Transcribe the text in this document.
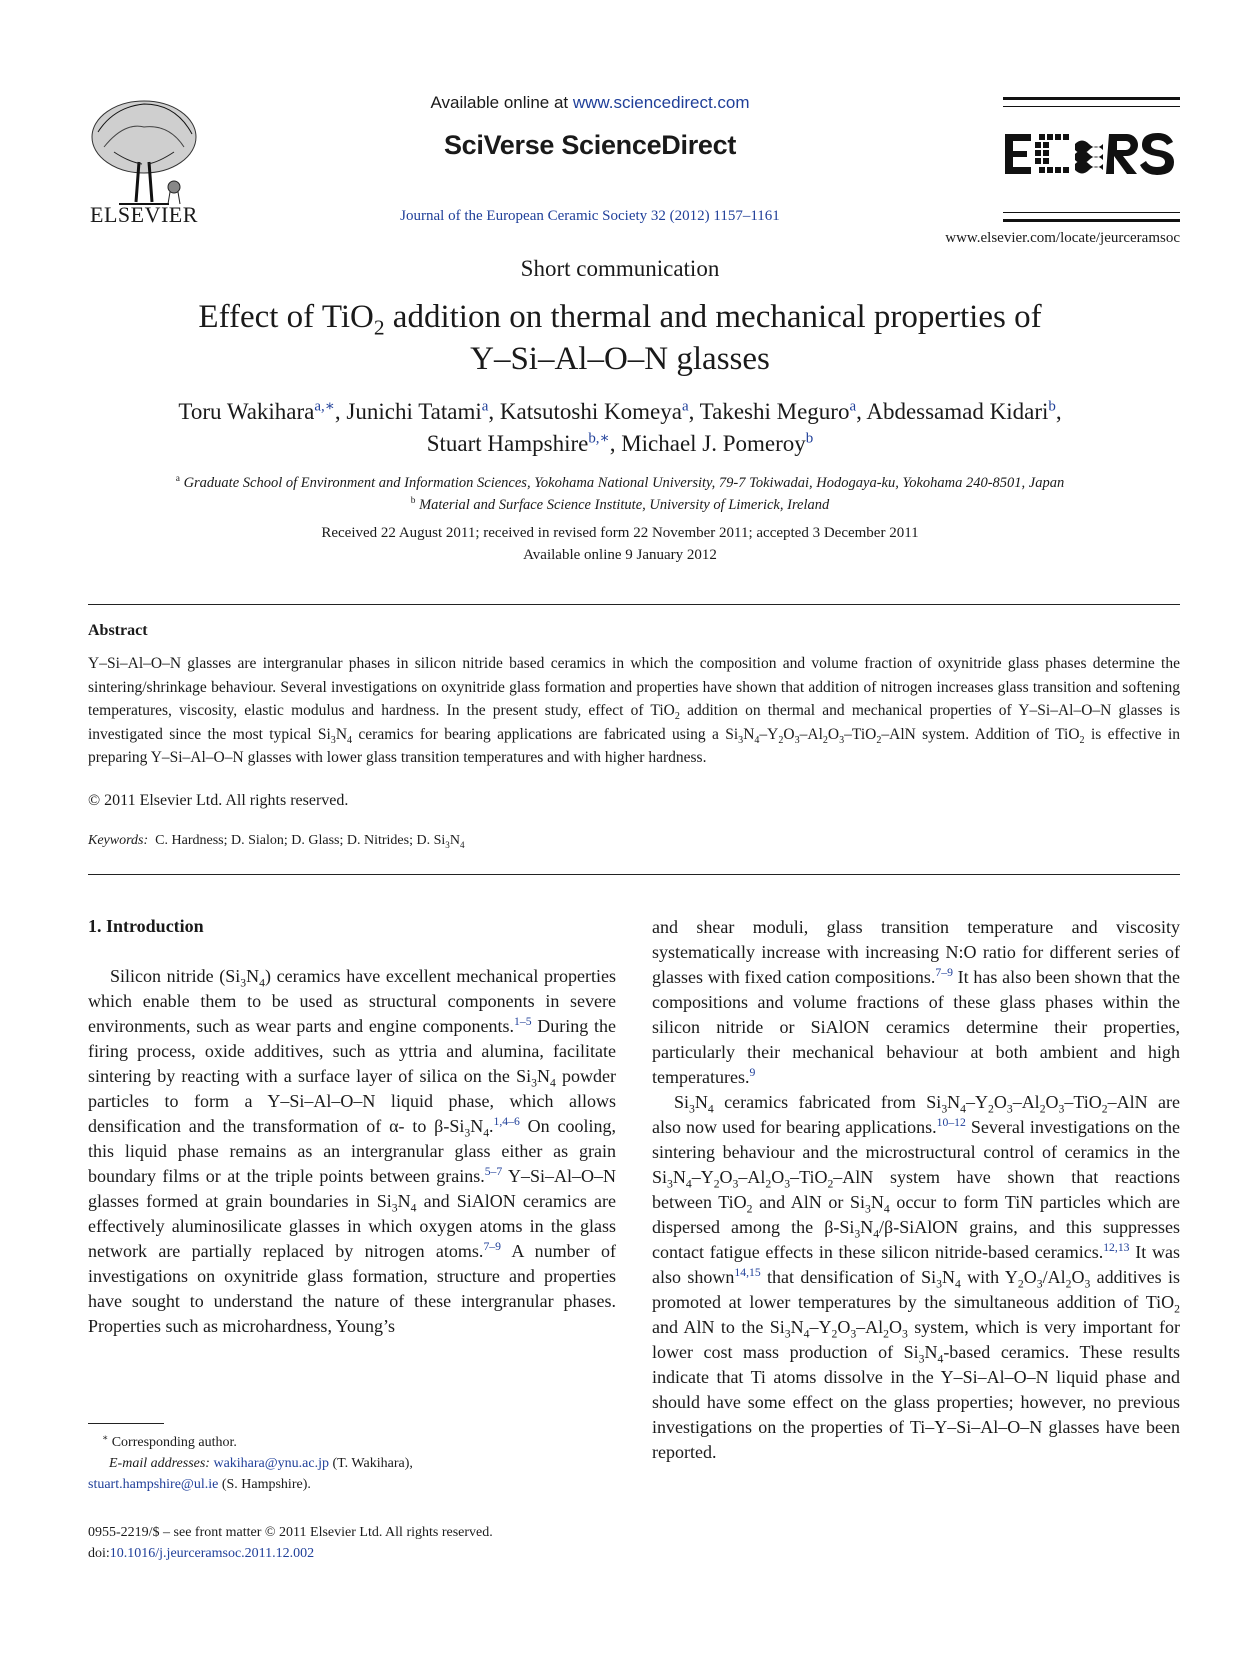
ELSEVIER
Available online at www.sciencedirect.com
SciVerse ScienceDirect
Journal of the European Ceramic Society 32 (2012) 1157–1161
www.elsevier.com/locate/jeurceramsoc
Short communication
Effect of TiO$_2$ addition on thermal and mechanical properties of
Y–Si–Al–O–N glasses
Toru Wakihara$^{a,∗}$, Junichi Tatami$^a$, Katsutoshi Komeya$^a$, Takeshi Meguro$^a$, Abdessamad Kidari$^b$,
Stuart Hampshire$^{b,∗}$, Michael J. Pomeroy$^b$
$^a$ Graduate School of Environment and Information Sciences, Yokohama National University, 79-7 Tokiwadai, Hodogaya-ku, Yokohama 240-8501, Japan
$^b$ Material and Surface Science Institute, University of Limerick, Ireland
Received 22 August 2011; received in revised form 22 November 2011; accepted 3 December 2011
Available online 9 January 2012
Abstract
Y–Si–Al–O–N glasses are intergranular phases in silicon nitride based ceramics in which the composition and volume fraction of oxynitride glass phases determine the sintering/shrinkage behaviour. Several investigations on oxynitride glass formation and properties have shown that addition of nitrogen increases glass transition and softening temperatures, viscosity, elastic modulus and hardness. In the present study, effect of TiO$_2$ addition on thermal and mechanical properties of Y–Si–Al–O–N glasses is investigated since the most typical $Si_3N_4$ ceramics for bearing applications are fabricated using a $Si_3N_4-Y_2O_3-Al_2O_3-TiO_2$–AlN system. Addition of TiO$_2$ is effective in preparing Y–Si–Al–O–N glasses with lower glass transition temperatures and with higher hardness.
© 2011 Elsevier Ltd. All rights reserved.
Keywords: C. Hardness; D. Sialon; D. Glass; D. Nitrides; D. $Si_3N_4$
1. Introduction

Silicon nitride $(Si_3N_4)$ ceramics have excellent mechanical properties which enable them to be used as structural components in severe environments, such as wear parts and engine components.$^{1-5}$ During the firing process, oxide additives, such as yttria and alumina, facilitate sintering by reacting with a surface layer of silica on the $Si_3N_4$ powder particles to form a Y–Si–Al–O–N liquid phase, which allows densification and the transformation of α- to $\beta-Si_3N_4.^{1,4-6}$ On cooling, this liquid phase remains as an intergranular glass either as grain boundary films or at the triple points between grains.$^{5-7}$ Y–Si–Al–O–N glasses formed at grain boundaries in $Si_3N_4$ and SiAlON ceramics are effectively aluminosilicate glasses in which oxygen atoms in the glass network are partially replaced by nitrogen atoms.$^{7-9}$ A number of investigations on oxynitride glass formation, structure and properties have sought to understand the nature of these intergranular phases. Properties such as microhardness, Young’s

and shear moduli, glass transition temperature and viscosity systematically increase with increasing N:O ratio for different series of glasses with fixed cation compositions.$^{7-9}$ It has also been shown that the compositions and volume fractions of these glass phases within the silicon nitride or SiAlON ceramics determine their properties, particularly their mechanical behaviour at both ambient and high temperatures.$^9$

$Si_3N_4$ ceramics fabricated from $Si_3N_4-Y_2O_3-Al_2O_3-TiO_2$–AlN are also now used for bearing applications.$^{10-12}$ Several investigations on the sintering behaviour and the microstructural control of ceramics in the $Si_3N_4-Y_2O_3-Al_2O_3-TiO_2$–AlN system have shown that reactions between TiO$_2$ and AlN or $Si_3N_4$ occur to form TiN particles which are dispersed among the $\beta-Si_3N_4/\beta$-SiAlON grains, and this suppresses contact fatigue effects in these silicon nitride-based ceramics.$^{12,13}$ It was also shown$^{14,15}$ that densification of $Si_3N_4$ with $Y_2O_3/Al_2O_3$ additives is promoted at lower temperatures by the simultaneous addition of TiO$_2$ and AlN to the $Si_3N_4-Y_2O_3-Al_2O_3$ system, which is very important for lower cost mass production of $Si_3N_4$-based ceramics. These results indicate that Ti atoms dissolve in the Y–Si–Al–O–N liquid phase and should have some effect on the glass properties; however, no previous investigations on the properties of Ti–Y–Si–Al–O–N glasses have been reported.

∗ Corresponding author.
E-mail addresses: wakihara@ynu.ac.jp (T. Wakihara),
stuart.hampshire@ul.ie (S. Hampshire).
0955-2219/$ – see front matter © 2011 Elsevier Ltd. All rights reserved.
doi:10.1016/j.jeurceramsoc.2011.12.002
